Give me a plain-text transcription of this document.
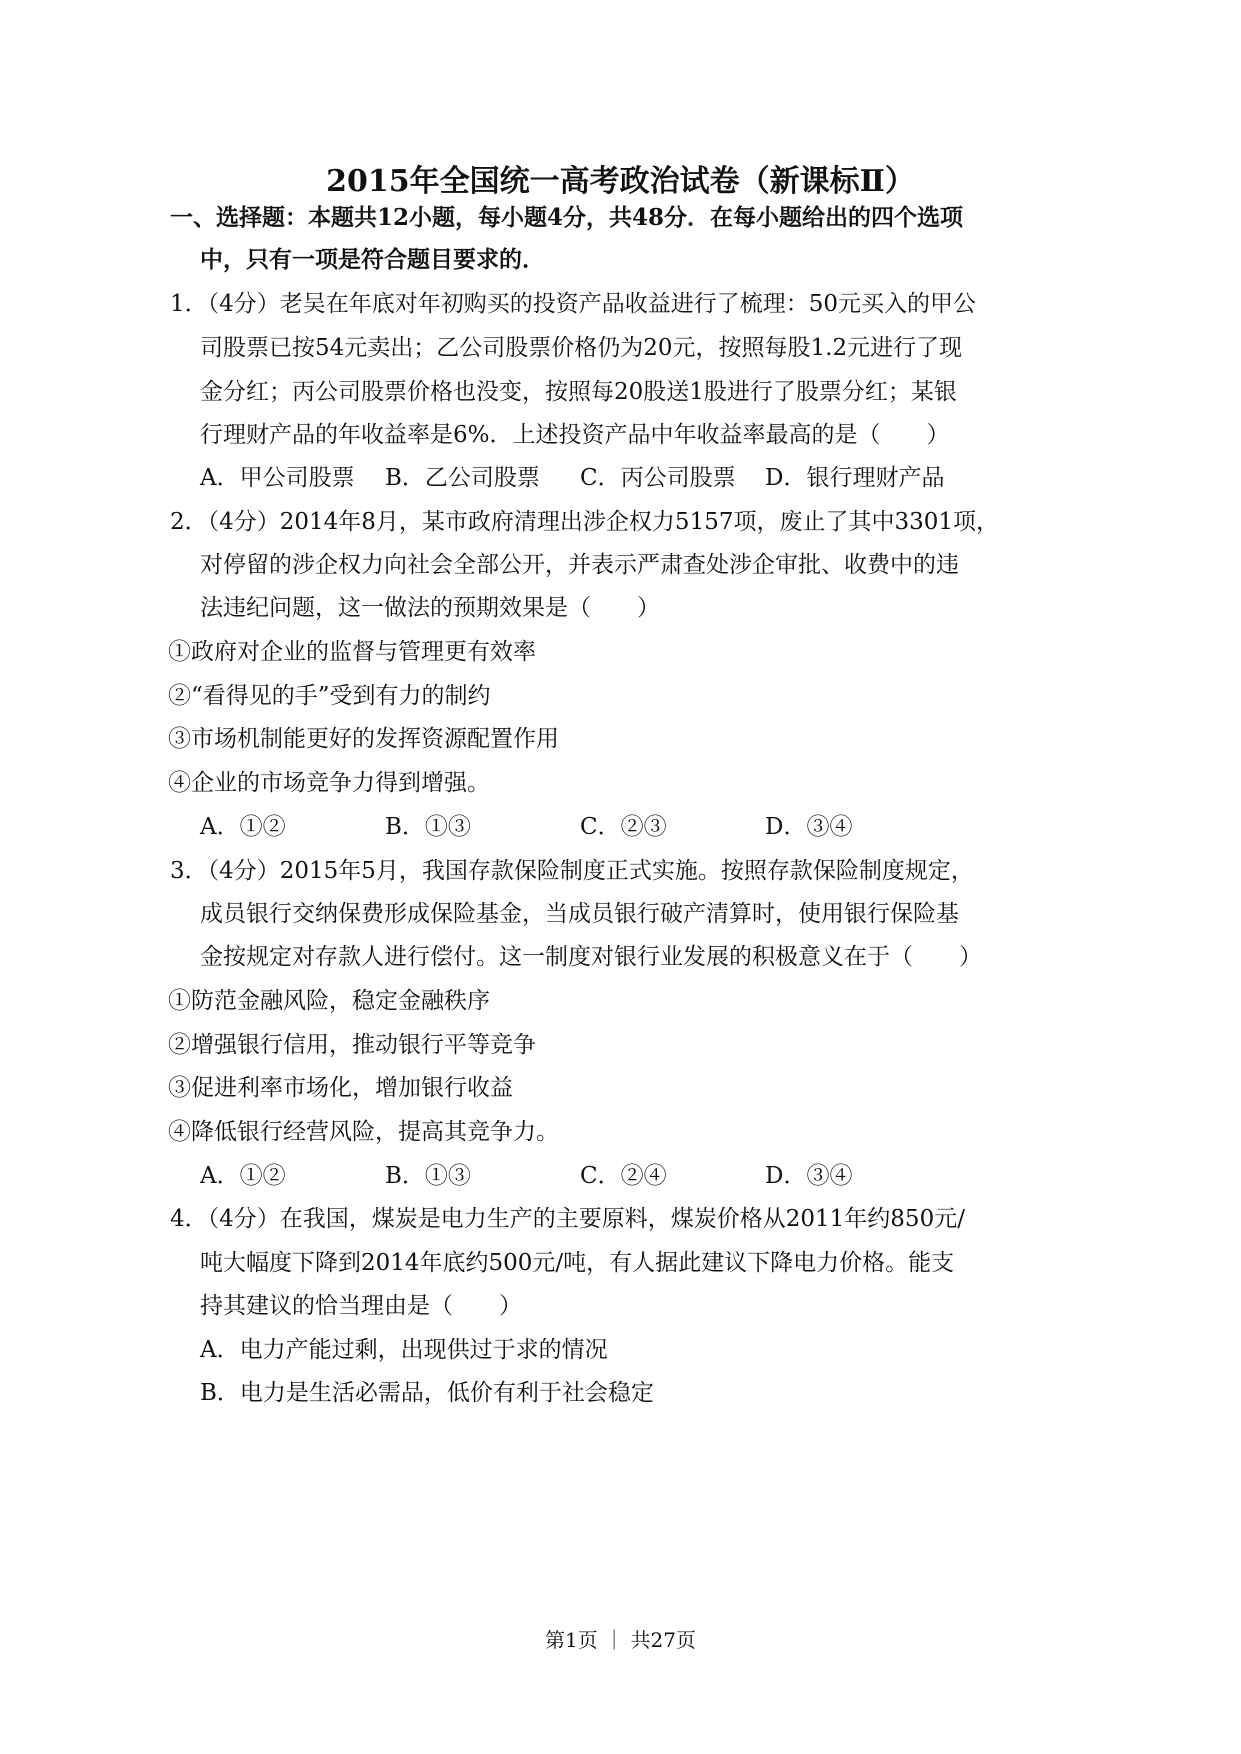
2015年全国统一高考政治试卷（新课标Ⅱ）
一、选择题：本题共12小题，每小题4分，共48分．在每小题给出的四个选项
中，只有一项是符合题目要求的．
1．（4分）老吴在年底对年初购买的投资产品收益进行了梳理：50元买入的甲公
司股票已按54元卖出；乙公司股票价格仍为20元，按照每股1.2元进行了现
金分红；丙公司股票价格也没变，按照每20股送1股进行了股票分红；某银
行理财产品的年收益率是6%．上述投资产品中年收益率最高的是（　　）
A．甲公司股票 B．乙公司股票 C．丙公司股票 D．银行理财产品
2．（4分）2014年8月，某市政府清理出涉企权力5157项，废止了其中3301项，
对停留的涉企权力向社会全部公开，并表示严肃查处涉企审批、收费中的违
法违纪问题，这一做法的预期效果是（　　）
①政府对企业的监督与管理更有效率
②“看得见的手”受到有力的制约
③市场机制能更好的发挥资源配置作用
④企业的市场竞争力得到增强。
A．①②	B．①③	C．②③	D．③④
3．（4分）2015年5月，我国存款保险制度正式实施。按照存款保险制度规定，
成员银行交纳保费形成保险基金，当成员银行破产清算时，使用银行保险基
金按规定对存款人进行偿付。这一制度对银行业发展的积极意义在于（　　）
①防范金融风险，稳定金融秩序
②增强银行信用，推动银行平等竞争
③促进利率市场化，增加银行收益
④降低银行经营风险，提高其竞争力。
A．①②	B．①③	C．②④	D．③④
4．（4分）在我国，煤炭是电力生产的主要原料，煤炭价格从2011年约850元/
吨大幅度下降到2014年底约500元/吨，有人据此建议下降电力价格。能支
持其建议的恰当理由是（　　）
A．电力产能过剩，出现供过于求的情况
B．电力是生活必需品，低价有利于社会稳定
第1页 ｜ 共27页
